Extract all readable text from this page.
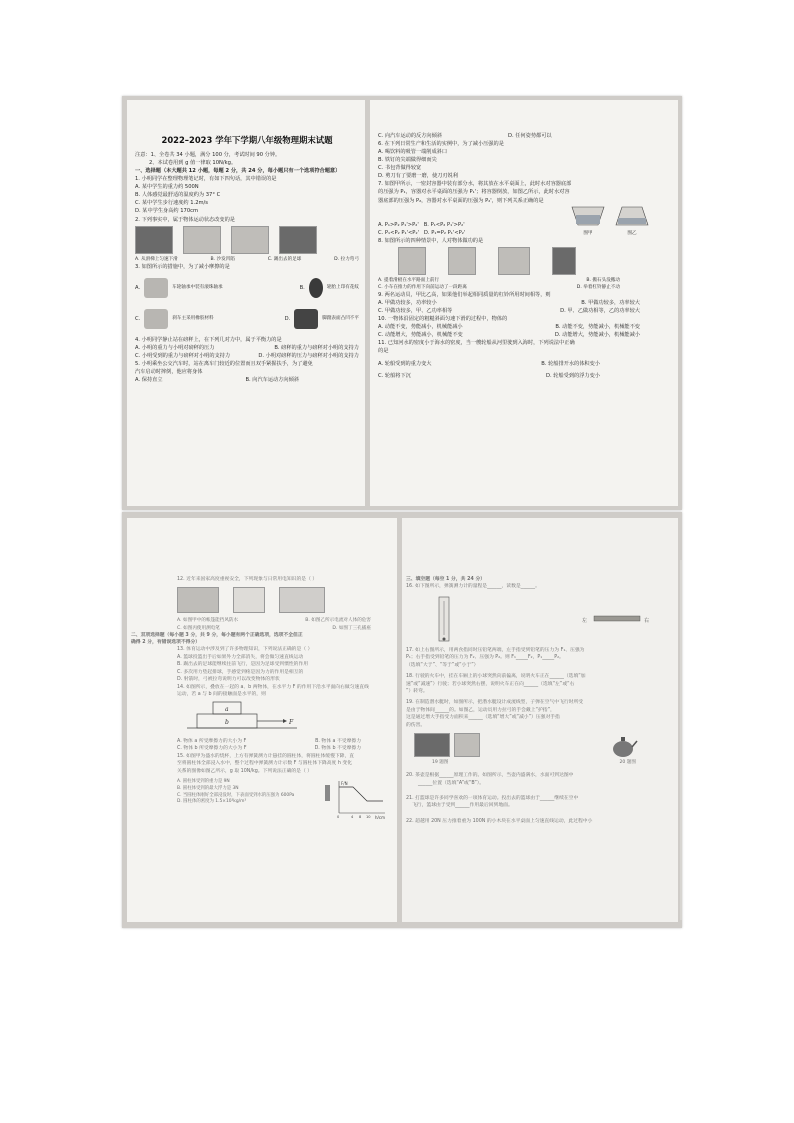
2022–2023 学年下学期八年级物理期末试题

注意：1、全卷共 34 小题，满分 100 分，考试时间 90 分钟。

2、本试卷用到 g 值一律取 10N/kg。

一、选择题（本大题共 12 小题，每题 2 分，共 24 分，每小题只有一个选项符合题意）

1. 小明同学在整理物理笔记时，有如下四句话，其中错误的是

A. 某中学生的重力约 500N

B. 人体感觉最舒适的温度约为 37° C

C. 某中学生步行速度约 1.2m/s

D. 某中学生身高约 170cm

2. 下列事实中，属于物体运动状态改变的是

A. 从滑梯上匀速下滑	B. 沙发凹陷	C. 踢出去的足球	D. 拉力弯弓

3. 如图所示的措施中，为了减小摩擦的是

A.	车轮轴承中装有滚珠轴承	B.	轮胎上印有花纹
C.	刹车主采用橡胶材料	D.	脚蹬表面凸凹不平

4. 小明同学静止站在磅秤上，在下列几对力中，属于平衡力的是

A. 小明的重力与小明对磅秤的压力	B. 磅秤的重力与磅秤对小明的支持力
C. 小明受到的重力与磅秤对小明的支持力	D. 小明对磅秤的压力与磅秤对小明的支持力

5. 小明乘坐公交汽车时，站在离车门较近的位置而且双手紧握扶手，为了避免

汽车启动时摔倒，他应将身体

A. 保持直立	B. 向汽车运动方向倾斜

C. 向汽车运动的反方向倾斜	D. 任何姿势都可以

6. 在下列日常生产和生活的实例中，为了减小压强的是

A. 喝饮料的吸管一端削成斜口

B. 铁钉的尖端做得细而尖

C. 书包背做得较宽

D. 剪刀有了要磨一磨，使刀刃锐利

7. 如图甲所示，一密封容器中装有部分水，将其放在水平桌面上，此时水对容器底部

的压强为 P₁，容器对水平桌面的压强为 P₁'；将容器倒放，如图乙所示，此时水对容

器底部的压强为 P₂，容器对水平桌面的压强为 P₂'，则下列关系正确的是

A. P₁>P₂ P₁'>P₂' B. P₁<P₂ P₁'>P₂'

C. P₁<P₂ P₁'<P₂' D. P₁=P₂ P₁'<P₂'	图甲	图乙

8. 如图所示的四种情景中，人对物体做功的是

A. 提着滑板在水平路面上前行	B. 搬石头没搬动
C. 小车在推力的作用下向前运动了一段距离	D. 举着杠铃静止不动

9. 两名运动员，甲比乙高，如果他们举起相同质量的杠铃所用时间相等，则

A. 甲做功较多，功率较小	B. 甲做功较多，功率较大
C. 甲做功较多，甲、乙功率相等	D. 甲、乙做功相等，乙的功率较大

10. 一物体沿固定的粗糙斜面匀速下滑的过程中，物体的

A. 动能不变，势能减小，机械能减小	B. 动能不变，势能减小，机械能不变
C. 动能增大，势能减小，机械能不变	D. 动能增大，势能减小，机械能减小

11. 已知河水的密度小于海水的密度，当一艘轮船从河里驶到入海时，下列说法中正确

的是

A. 轮船受到的重力变大	B. 轮船排开水的体积变小
C. 轮船将下沉	D. 轮船受到的浮力变小

12. 近年来国家高度重视安全，下列现象与日常用电知识的是（ ）

A. 如图甲中的帐篷能挡风防水	B. 如图乙所示电流对人体的危害
C. 如图丙使用测电笔	D. 如图丁三孔插座

二、双项选择题（每小题 3 分，共 9 分，每小题有两个正确选项，选项不全但正

确得 2 分，有错误选项不得分）

13. 体育运动中涉及到了许多物理知识，下列说法正确的是（ ）

A. 篮球投篮出手后如果外力全部消失，将会做匀速直线运动

B. 踢出去的足球能继续往前飞行，是因为足球受到惯性的作用

C. 多次用力垫起排球，手感觉到疼是因为力的作用是相互的

D. 射箭时，弓被拉弯说明力可以改变物体的形状

14. 如图所示，叠放在一起的 a、b 两物体，在水平力 F 的作用下沿水平面向右做匀速直线

运动，若 a 与 b 间的接触面是水平的，则

a
b	F
A. 物体 a 所受摩擦力的大小为 F	B. 物体 a 不受摩擦力
C. 物体 b 所受摩擦力的大小为 F	D. 物体 b 不受摩擦力

15. 如图甲为盛水的烧杯，上方有弹簧测力计悬挂的圆柱体，将圆柱体缓慢下降，直

至将圆柱体全部浸入水中，整个过程中弹簧测力计示数 F 与圆柱体下降高度 h 变化

关系的图像如图乙所示，g 取 10N/kg。下列说法正确的是（ ）

A. 圆柱体受到的重力是 9N

B. 圆柱体受到的最大浮力是 3N

C. 当圆柱体刚好全部浸没时，下表面受到水的压强为 600Pa

D. 圆柱体的密度为 1.5×10³kg/m³

F/N
h/cm
0	4 8 10

三、填空题（每空 1 分，共 24 分）

16. 如下图所示，弹簧测力计的量程是______，读数是______。

左	右

17. 如上右图所示，用两食指同时压铅笔两端，左手指受到铅笔的压力为 F₁、压强为

P₁；右手指受到铅笔的压力为 F₂、压强为 P₂。则 F₁_____F₂，P₁_____P₂。

（选填“大于”、“等于”或“小于”）

18. 行驶的火车中，挂在车厢上的小球突然向前偏离，说明火车正在______（选填“加

速”或“减速”）行驶；若小球突然右摆，说明火车正在向______（选填“左”或“右

”）转弯。

19. 在制造潜水艇时，如图所示，把潜水艇设计成流线型，子弹在空气中飞行时所受

是由于物体间______的。如图乙，运动员用力拉弓的手会戴上“护指”，

这是通过增大手指受力面积来______（选填“增大”或“减小”）压强对手指

的伤害。

19 题图	20 题图

20. 茶壶是根据______原理工作的。如图所示，当壶内盛满水，水面可到达图中

______位置（选填“A”或“B”）。

21. 打篮球是许多同学喜欢的一项体育运动。投出去的篮球由于______继续在空中

飞行，篮球由于受到______作用最后回到地面。

22. 超越用 20N 压力推着重为 100N 的小木块在水平桌面上匀速直线运动，此过程中小
